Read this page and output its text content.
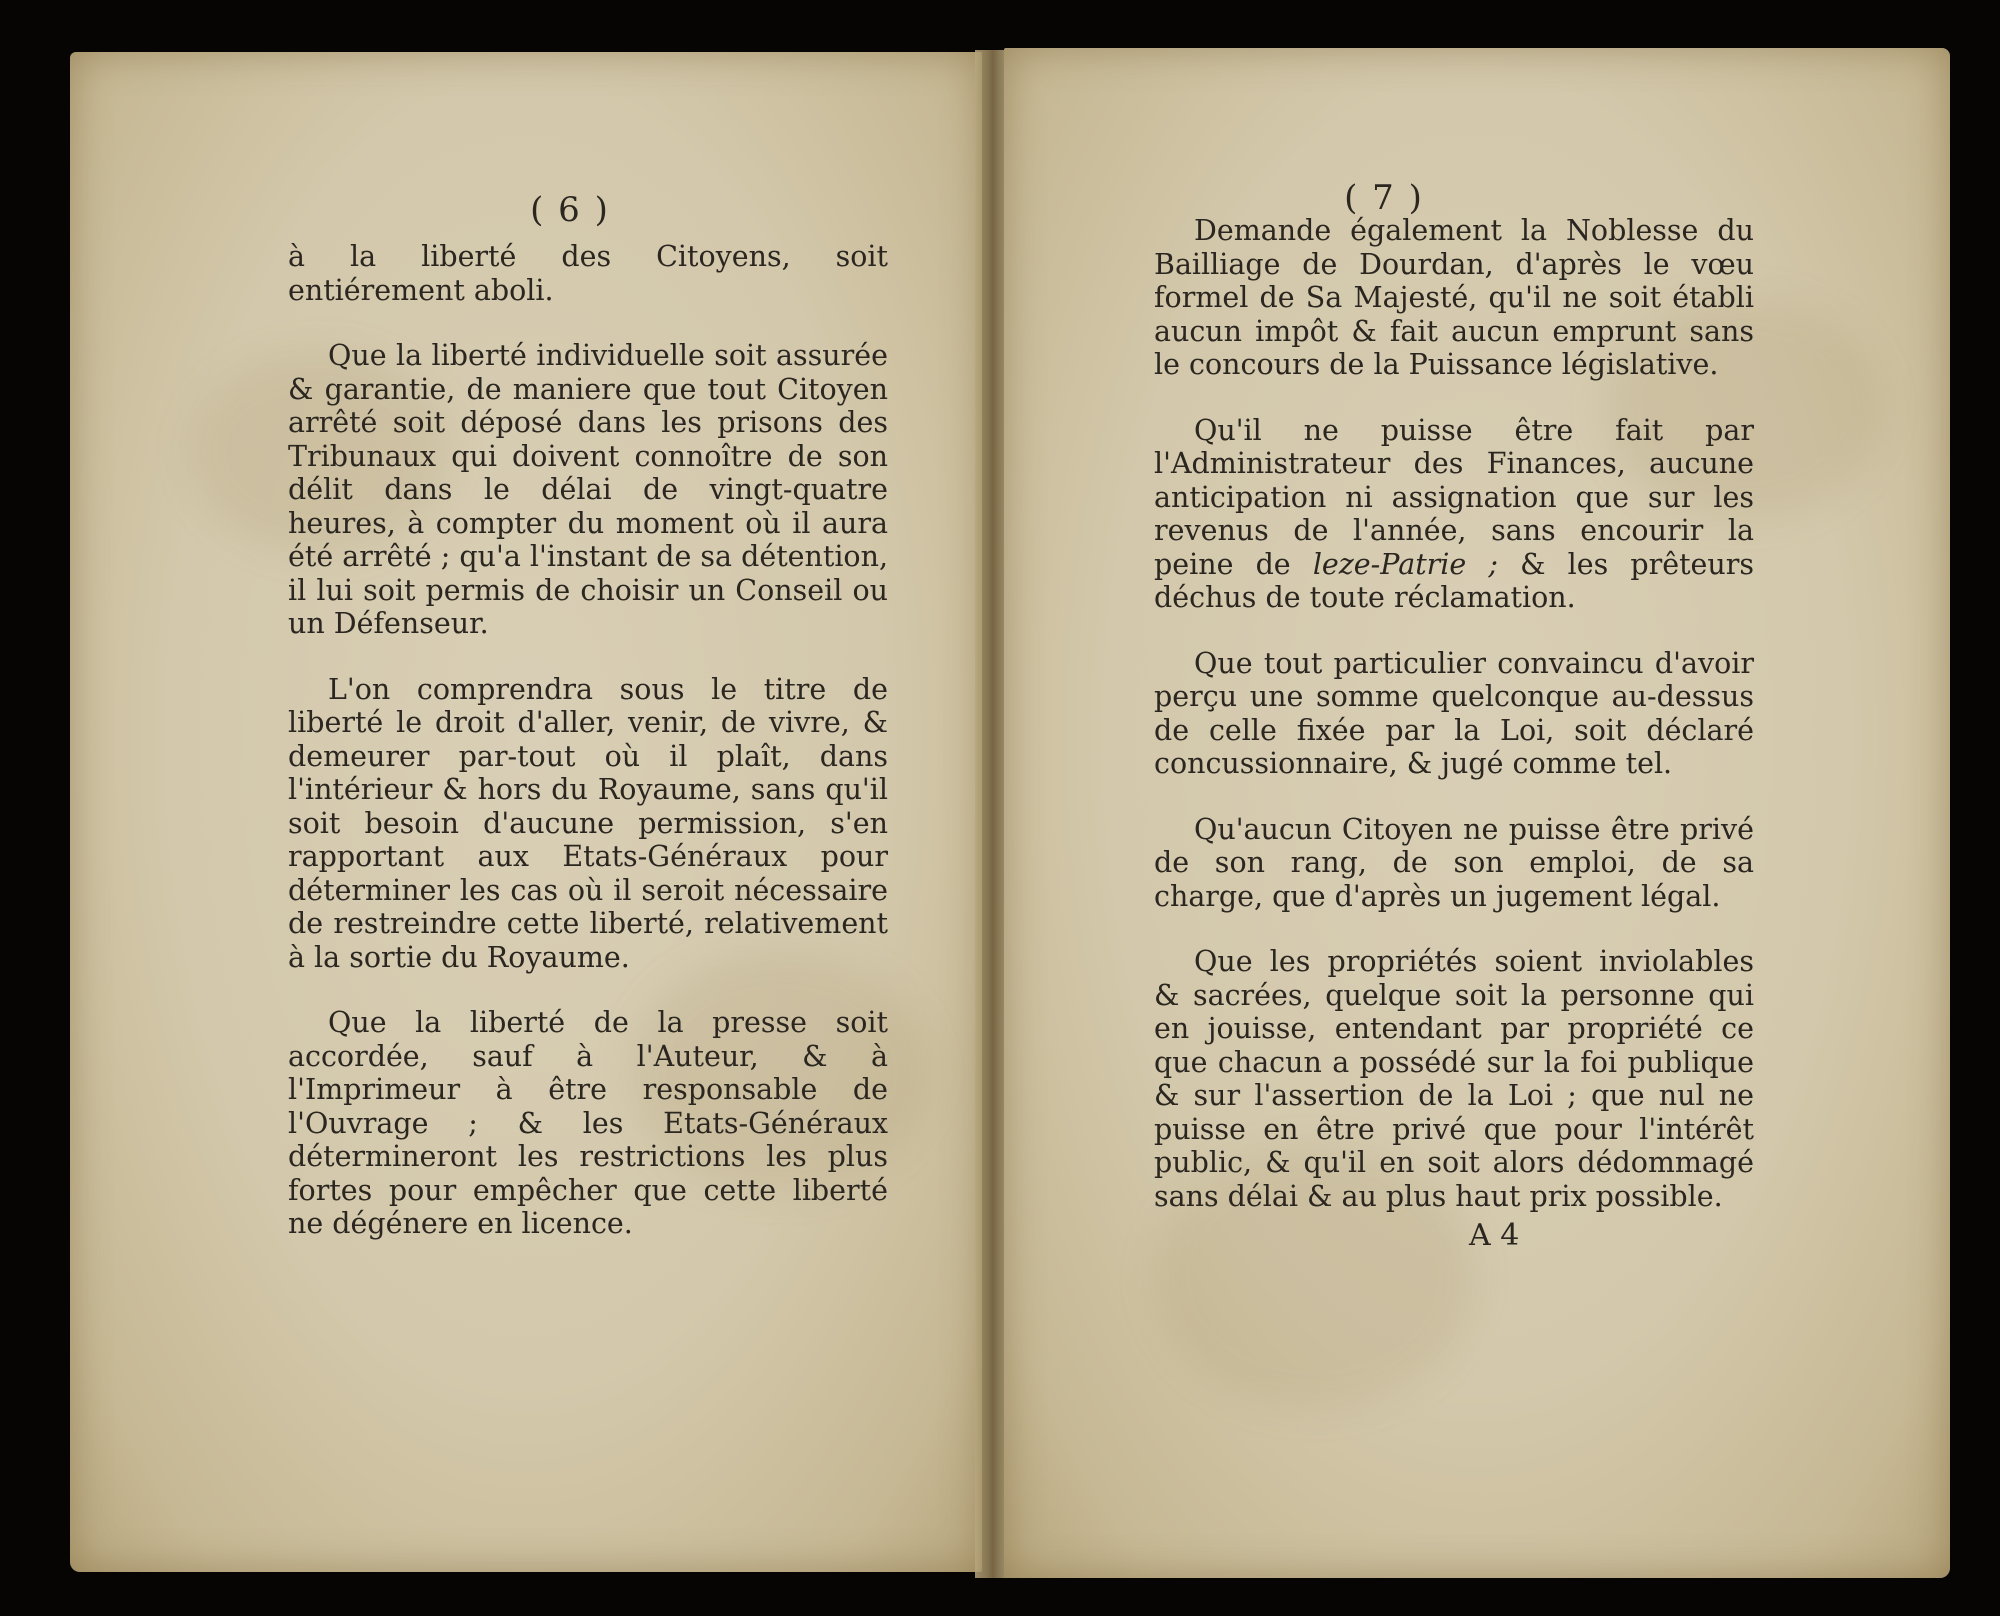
( 6 )

à la liberté des Citoyens, soit entiérement aboli.

Que la liberté individuelle soit assurée & garantie, de maniere que tout Citoyen arrêté soit déposé dans les prisons des Tribunaux qui doivent connoître de son délit dans le délai de vingt-quatre heures, à compter du moment où il aura été arrêté ; qu'a l'instant de sa détention, il lui soit permis de choisir un Conseil ou un Défenseur.

L'on comprendra sous le titre de liberté le droit d'aller, venir, de vivre, & demeurer par-tout où il plaît, dans l'intérieur & hors du Royaume, sans qu'il soit besoin d'aucune permission, s'en rapportant aux Etats-Généraux pour déterminer les cas où il seroit nécessaire de restreindre cette liberté, relativement à la sortie du Royaume.

Que la liberté de la presse soit accordée, sauf à l'Auteur, & à l'Imprimeur à être responsable de l'Ouvrage ; & les Etats-Généraux détermineront les restrictions les plus fortes pour empêcher que cette liberté ne dégénere en licence.

( 7 )

Demande également la Noblesse du Bailliage de Dourdan, d'après le vœu formel de Sa Majesté, qu'il ne soit établi aucun impôt & fait aucun emprunt sans le concours de la Puissance législative.

Qu'il ne puisse être fait par l'Administrateur des Finances, aucune anticipation ni assignation que sur les revenus de l'année, sans encourir la peine de leze-Patrie ; & les prêteurs déchus de toute réclamation.

Que tout particulier convaincu d'avoir perçu une somme quelconque au-dessus de celle fixée par la Loi, soit déclaré concussionnaire, & jugé comme tel.

Qu'aucun Citoyen ne puisse être privé de son rang, de son emploi, de sa charge, que d'après un jugement légal.

Que les propriétés soient inviolables & sacrées, quelque soit la personne qui en jouisse, entendant par propriété ce que chacun a possédé sur la foi publique & sur l'assertion de la Loi ; que nul ne puisse en être privé que pour l'intérêt public, & qu'il en soit alors dédommagé sans délai & au plus haut prix possible.

A 4
